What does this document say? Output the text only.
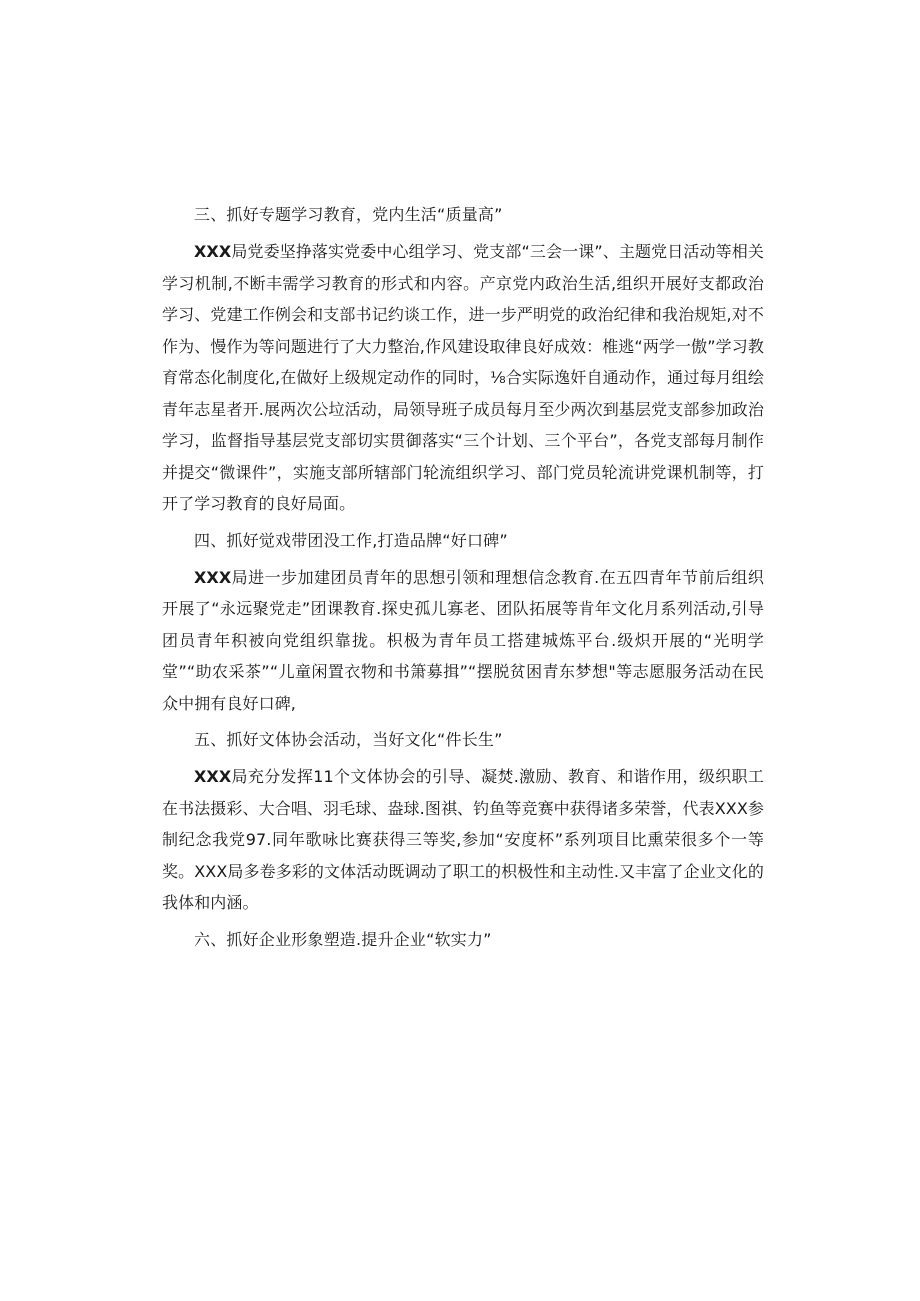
三、抓好专题学习教育，党内生活“质量高”
XXX局党委坚挣落实党委中心组学习、党支部“三会一课”、主题党日活动等相关学习机制,不断丰需学习教育的形式和内容。产京党内政治生活,组织开展好支都政治学习、党建工作例会和支部书记约谈工作，进一步严明党的政治纪律和我治规矩,对不作为、慢作为等问题进行了大力整治,作风建设取律良好成效：椎逃“两学一傲”学习教育常态化制度化,在做好上级规定动作的同时，⅛合实际逸奸自通动作，通过每月组绘青年志星者开.展两次公垃活动，局领导班子成员每月至少两次到基层党支部参加政治学习，监督指导基层党支部切实贯御落实“三个计划、三个平台”，各党支部每月制作并提交“微课件”，实施支部所辖部门轮流组织学习、部门党员轮流讲党课机制等，打开了学习教育的良好局面。
四、抓好觉戏带团没工作,打造品牌“好口碑”
XXX局进一步加建团员青年的思想引领和理想信念教育.在五四青年节前后组织开展了“永远聚党走”团课教育.探史孤儿寡老、团队拓展等肯年文化月系列活动,引导团员青年积被向党组织靠拢。枳极为青年员工搭建城炼平台.级炽开展的“光明学堂”“助农采茶”“儿童闲置衣物和书箫募揖”“摆脱贫困青东梦想"等志愿服务活动在民众中拥有良好口碑,
五、抓好文体协会活动，当好文化“件长生”
XXX局充分发挥11个文体协会的引导、凝焚.激励、教育、和谐作用，级织职工在书法摄彩、大合唱、羽毛球、盎球.图祺、钓鱼等竞赛中获得诸多荣誉，代表XXX参制纪念我党97.同年歌咏比赛获得三等奖,参加“安度杯”系列项目比熏荣很多个一等奖。XXX局多卷多彩的文体活动既调动了职工的枳极性和主动性.又丰富了企业文化的我体和内涵。
六、抓好企业形象塑造.提升企业“软实力”
